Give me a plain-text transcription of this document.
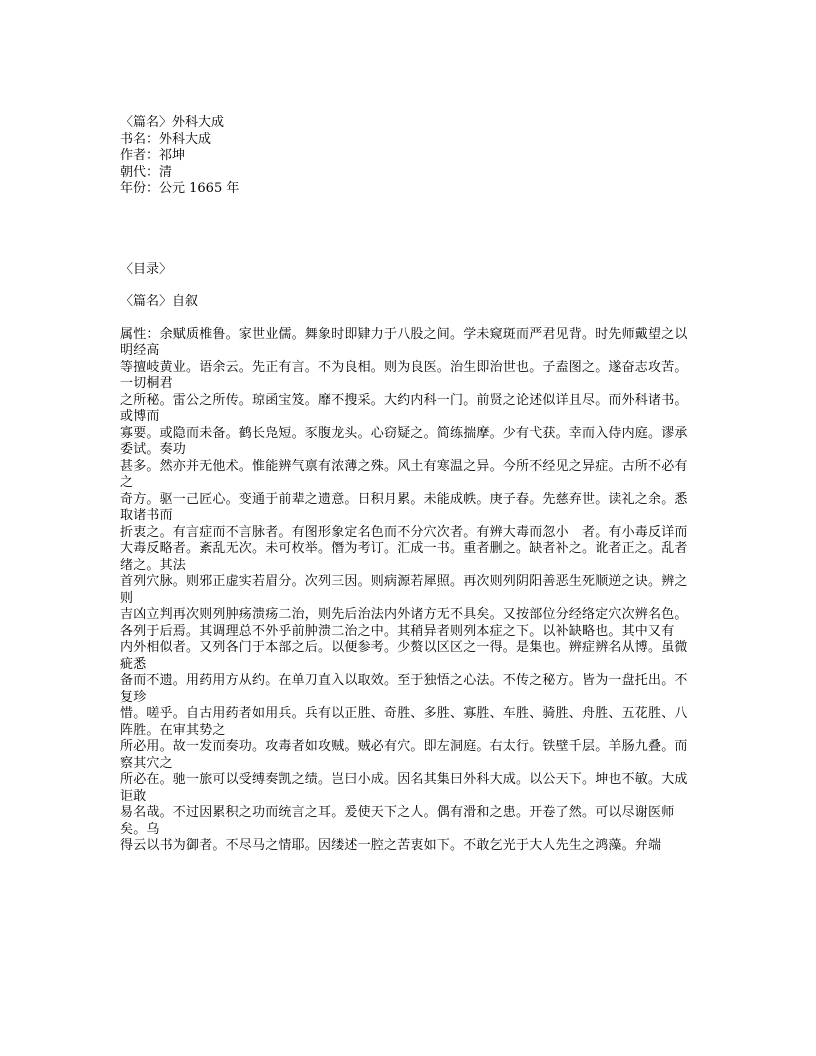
〈篇名〉外科大成

书名：外科大成

作者：祁坤

朝代：清

年份：公元 1665 年

〈目录〉
〈篇名〉自叙

属性：余赋质椎鲁。家世业儒。舞象时即肄力于八股之间。学未窥斑而严君见背。时先师戴望之以明经高

等擅岐黄业。语余云。先正有言。不为良相。则为良医。治生即治世也。子盍图之。遂奋志攻苦。一切桐君

之所秘。雷公之所传。琼函宝笈。靡不搜采。大约内科一门。前贤之论述似详且尽。而外科诸书。或博而

寡要。或隐而未备。鹤长凫短。豕腹龙头。心窃疑之。简练揣摩。少有弋获。幸而入侍内庭。谬承委试。奏功

甚多。然亦并无他术。惟能辨气禀有浓薄之殊。风土有寒温之异。今所不经见之异症。古所不必有之

奇方。驱一己匠心。变通于前辈之遗意。日积月累。未能成帙。庚子春。先慈弃世。读礼之余。悉取诸书而

折衷之。有言症而不言脉者。有图形象定名色而不分穴次者。有辨大毒而忽小　者。有小毒反详而

大毒反略者。紊乱无次。未可枚举。僭为考订。汇成一书。重者删之。缺者补之。讹者正之。乱者绪之。其法

首列穴脉。则邪正虚实若眉分。次列三因。则病源若犀照。再次则列阴阳善恶生死顺逆之诀。辨之则

吉凶立判再次则列肿疡溃疡二治，则先后治法内外诸方无不具矣。又按部位分经络定穴次辨名色。各列于后焉。其调理总不外乎前肿溃二治之中。其稍异者则列本症之下。以补缺略也。其中又有

内外相似者。又列各门于本部之后。以便参考。少赘以区区之一得。是集也。辨症辨名从博。虽微疵悉

备而不遗。用药用方从约。在单刀直入以取效。至于独悟之心法。不传之秘方。皆为一盘托出。不复珍

惜。嗟乎。自古用药者如用兵。兵有以正胜、奇胜、多胜、寡胜、车胜、骑胜、舟胜、五花胜、八阵胜。在审其势之

所必用。故一发而奏功。攻毒者如攻贼。贼必有穴。即左洞庭。右太行。铁壁千层。羊肠九叠。而察其穴之

所必在。驰一旅可以受缚奏凯之绩。岂曰小成。因名其集曰外科大成。以公天下。坤也不敏。大成讵敢

易名哉。不过因累积之功而统言之耳。爰使天下之人。偶有滑和之患。开卷了然。可以尽谢医师矣。乌

得云以书为御者。不尽马之情耶。因缕述一腔之苦衷如下。不敢乞光于大人先生之鸿藻。弁端
